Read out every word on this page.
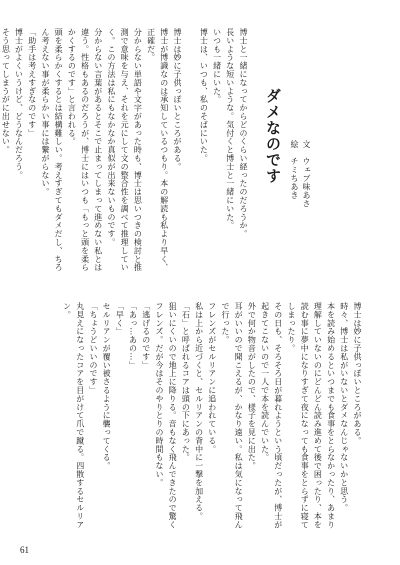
ダメなのです	文　ウェブ味あさ
絵　チミちあき
博士と一緒になってからどのくらい経ったのだろうか。
長いような短いような。気付くと博士と一緒にいた。
いつも一緒にいた。
博士は、いつも、私のそばにいた。

博士は妙に子供っぽいところがある。
博士が博識なのは承知しているつもり。本の解読も私より早く、正確だ。
分からない単語や文字があった時も、博士は思いつきの検討と推測で意味を与え、それを元にして文の整合性を調べて推理していく。この方法は私にもなかなか真似が出来ないものです。
分からない言葉があるとそこで止まってしまって進めない私とは違う。性格もあるのだろうが、博士にはいつも「もっと頭を柔らかくするのです」と言われる。
頭を柔らかくするとは結構難しい。考えすぎてもダメだし、ちろん考えない事が柔らかい事には繋がらない。
「助手は考えすぎなのです」
博士がよくいうけど、どうなんだろう。
そう思ってしまうがに出せない。
博士は妙に子供っぽいところがある。
時々、博士は私がいないとダメなんじゃないかと思う。
本を読み始めるといつまでも食事をとらなかったり、あまり理解していないのにどんどん読み進めて後で困ったり、本を読む事に夢中になりすぎて夜になっても食事をとらずに寝てしまったり。
その日も、そろそろ日が暮れようという頃だったが、博士が起きてこないので一人で本を読んでいた。
外で何か物音がしたので、様子を見に出た。
耳がいいので聞こえるが、かなり遠い。私は気になって飛んで行った。
フレンズがセルリアンに追われている。
私は上から近づくと、セルリアンの背中に一撃を加える。「石」と呼ばれるコアは頭の下にあった。
狙いにくいので地上に降りる。音もなく飛んできたので驚くフレンズ。だが今はそのやりとりの時間もない。
「逃げるのです」
「あっ…あの…」
「早く」
セルリアンが覆い被さるように襲ってくる。
「ちょうどいいのです」
丸見えになったコアを目がけて爪で蹴る。四散するセルリアン。
61
